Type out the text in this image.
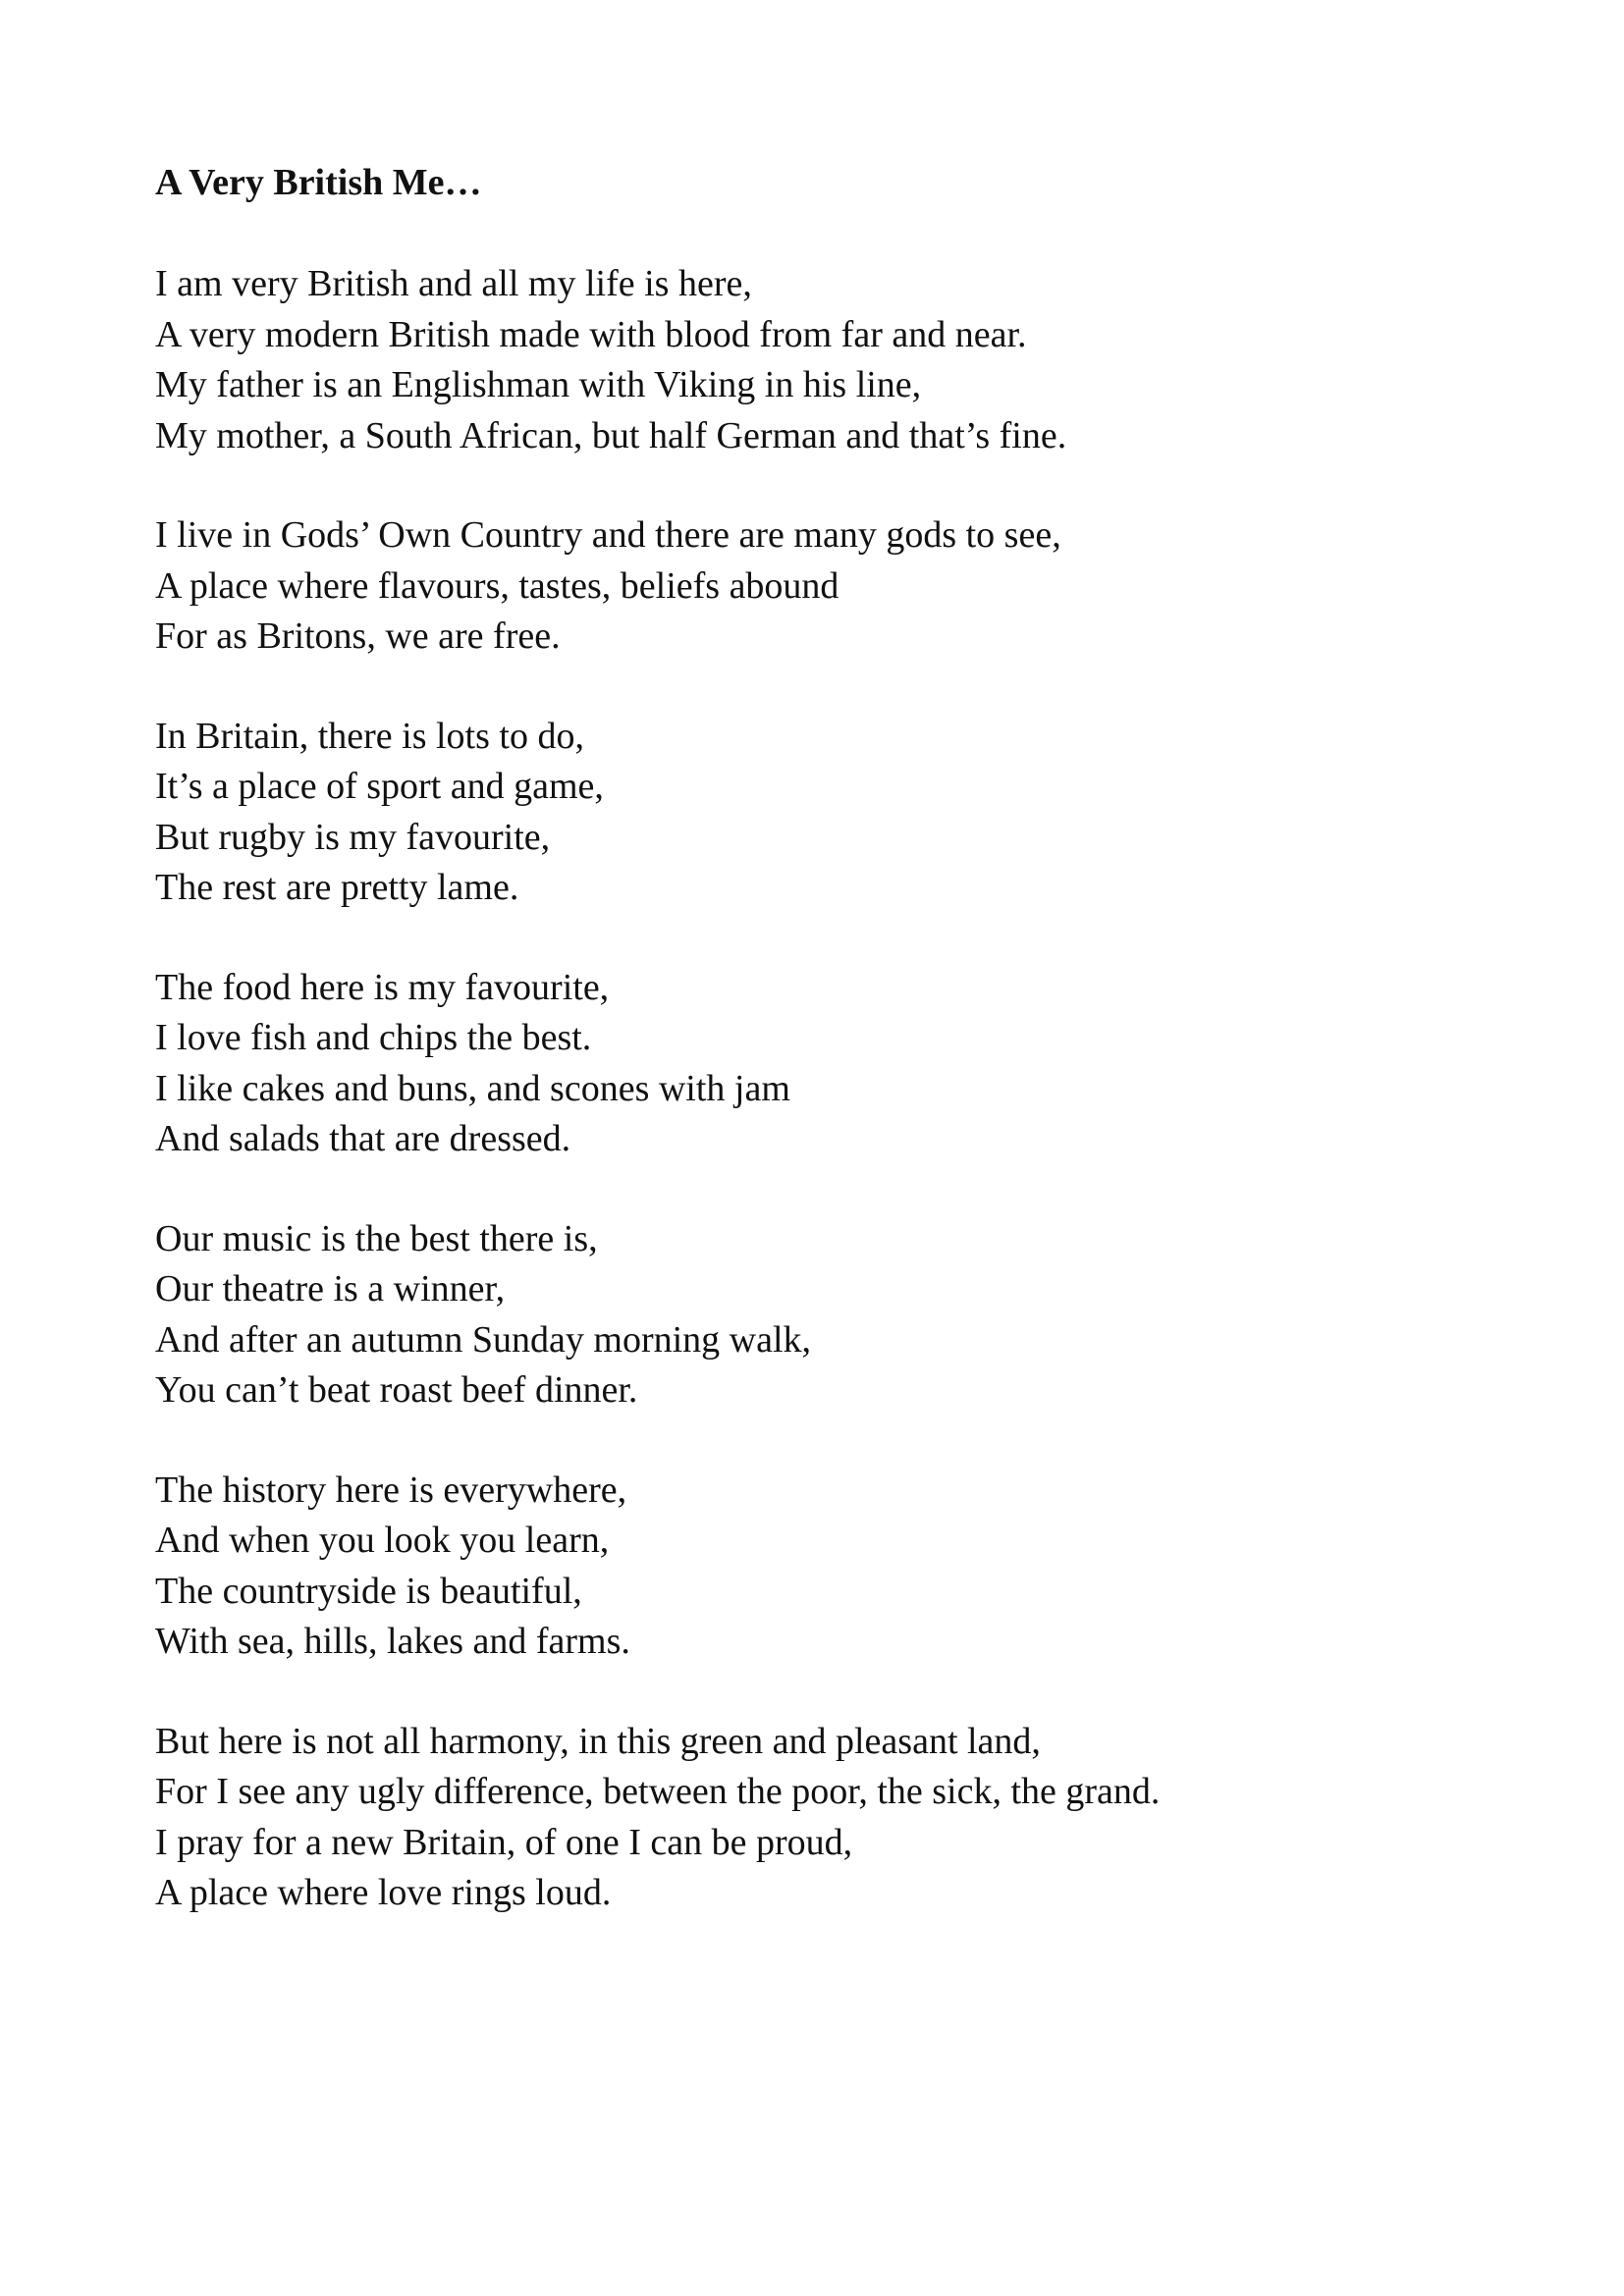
A Very British Me…
I am very British and all my life is here,
A very modern British made with blood from far and near.
My father is an Englishman with Viking in his line,
My mother, a South African, but half German and that’s fine.
I live in Gods’ Own Country and there are many gods to see,
A place where flavours, tastes, beliefs abound
For as Britons, we are free.
In Britain, there is lots to do,
It’s a place of sport and game,
But rugby is my favourite,
The rest are pretty lame.
The food here is my favourite,
I love fish and chips the best.
I like cakes and buns, and scones with jam
And salads that are dressed.
Our music is the best there is,
Our theatre is a winner,
And after an autumn Sunday morning walk,
You can’t beat roast beef dinner.
The history here is everywhere,
And when you look you learn,
The countryside is beautiful,
With sea, hills, lakes and farms.
But here is not all harmony, in this green and pleasant land,
For I see any ugly difference, between the poor, the sick, the grand.
I pray for a new Britain, of one I can be proud,
A place where love rings loud.
